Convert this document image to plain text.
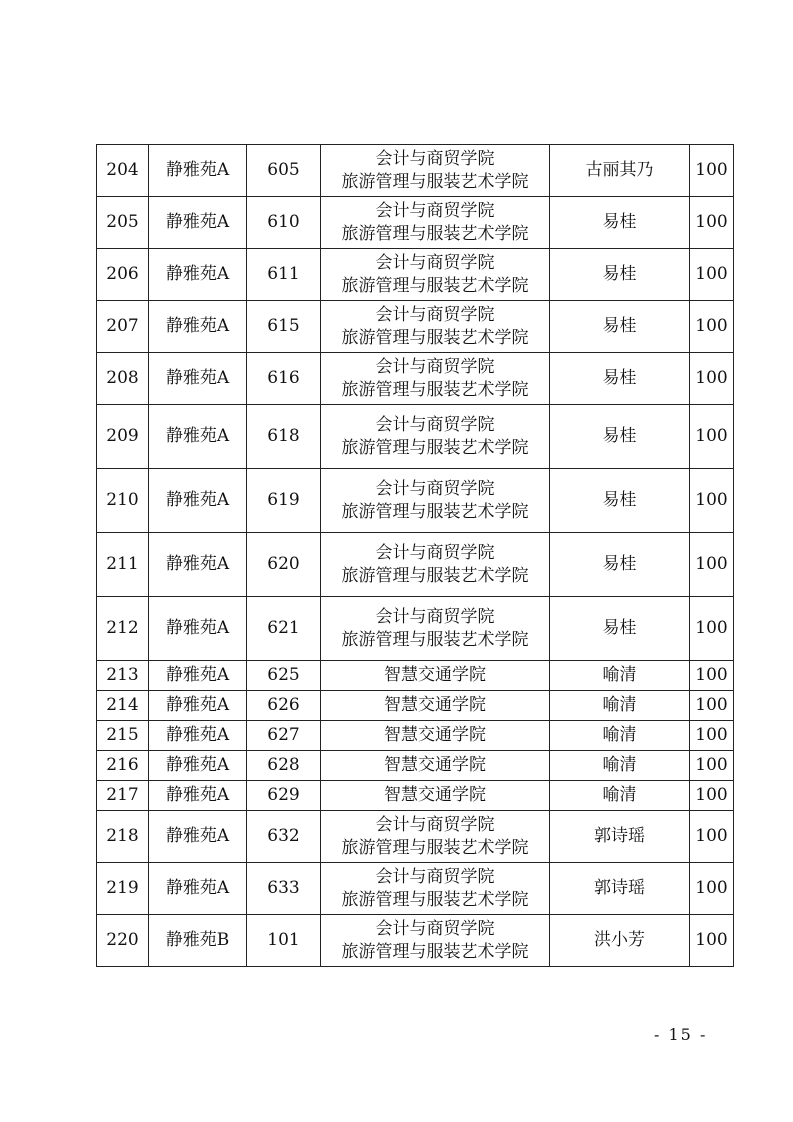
204	静雅苑A	605	会计与商贸学院
旅游管理与服装艺术学院	古丽其乃	100
205	静雅苑A	610	会计与商贸学院
旅游管理与服装艺术学院	易桂	100
206	静雅苑A	611	会计与商贸学院
旅游管理与服装艺术学院	易桂	100
207	静雅苑A	615	会计与商贸学院
旅游管理与服装艺术学院	易桂	100
208	静雅苑A	616	会计与商贸学院
旅游管理与服装艺术学院	易桂	100
209	静雅苑A	618	会计与商贸学院
旅游管理与服装艺术学院	易桂	100
210	静雅苑A	619	会计与商贸学院
旅游管理与服装艺术学院	易桂	100
211	静雅苑A	620	会计与商贸学院
旅游管理与服装艺术学院	易桂	100
212	静雅苑A	621	会计与商贸学院
旅游管理与服装艺术学院	易桂	100
213	静雅苑A	625	智慧交通学院	喻清	100
214	静雅苑A	626	智慧交通学院	喻清	100
215	静雅苑A	627	智慧交通学院	喻清	100
216	静雅苑A	628	智慧交通学院	喻清	100
217	静雅苑A	629	智慧交通学院	喻清	100
218	静雅苑A	632	会计与商贸学院
旅游管理与服装艺术学院	郭诗瑶	100
219	静雅苑A	633	会计与商贸学院
旅游管理与服装艺术学院	郭诗瑶	100
220	静雅苑B	101	会计与商贸学院
旅游管理与服装艺术学院	洪小芳	100
- 15 -
